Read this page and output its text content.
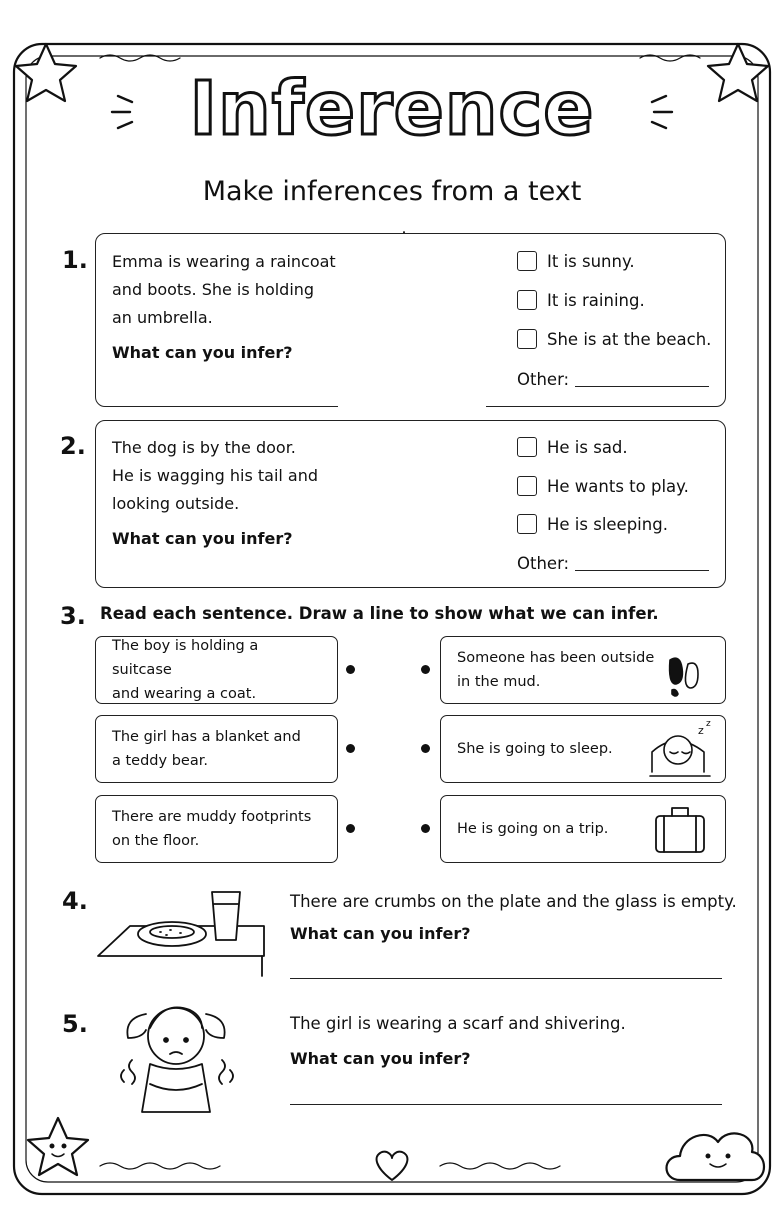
z z
Inference
Make inferences from a text
1. Emma is wearing a raincoat
and boots. She is holding
an umbrella.
What can you infer?
It is sunny.
It is raining.
She is at the beach.
Other:
2. The dog is by the door.
He is wagging his tail and
looking outside.
What can you infer?
He is sad.
He wants to play.
He is sleeping.
Other:
3. Read each sentence. Draw a line to show what we can infer.
The boy is holding a suitcase
and wearing a coat.
The girl has a blanket and
a teddy bear.
There are muddy footprints
on the floor.
Someone has been outside
in the mud.
She is going to sleep.
He is going on a trip.
4.	There are crumbs on the plate and the glass is empty.
What can you infer?
5.	The girl is wearing a scarf and shivering.
What can you infer?
